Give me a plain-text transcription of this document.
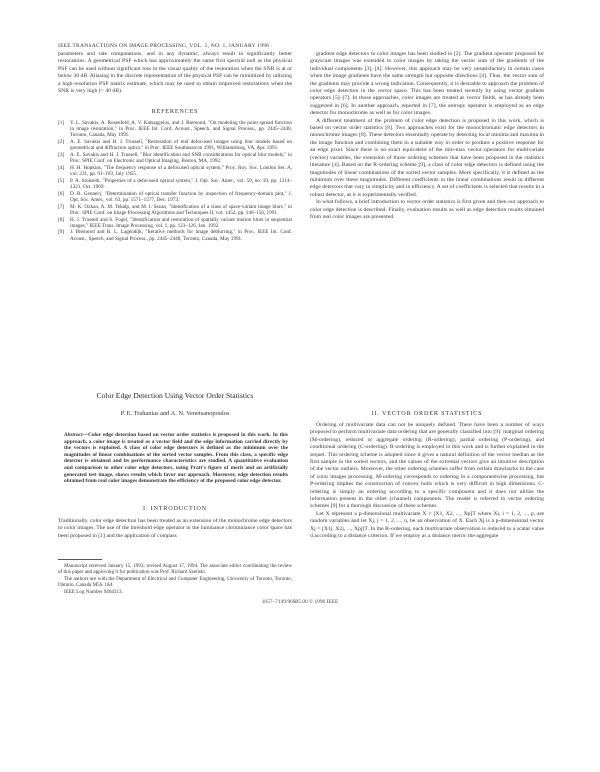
IEEE TRANSACTIONS ON IMAGE PROCESSING, VOL. 5, NO. 1, JANUARY 1996

parameters and rate computations, and in any dynamic, always result in significantly better restorations. A geometrical PSF which has approximately the same first spectral null as the physical PSF can be used without significant loss in the visual quality of the restoration when the SNR is at or below 30 dB. Aliasing in the discrete representation of the physical PSF can be minimized by utilizing a high-resolution PSF matrix estimate, which may be used to obtain improved restorations when the SNR is very high (> 40 dB).

REFERENCES
[1]	Y. L. Savakis, A. Rosenfeld, A. V. Katsaggelos, and J. Biemond, "On modeling the point spread function in image restoration," in Proc. IEEE Int. Conf. Acoust., Speech, and Signal Process., pp. 2445–2448, Toronto, Canada, May 1991.
[2]	A. E. Savakis and H. J. Trussell, "Restoration of real defocused images using blur models based on geometrical and diffraction optics," in Proc. IEEE Southeastcon 1991, Williamsburg, VA, Apr. 1991.
[3]	A. E. Savakis and H. J. Trussell, "Blur identification and SNR considerations for optical blur models," in Proc. SPIE Conf. on Electronic and Optical Imaging, Boston, MA, 1992.
[4]	H. H. Hopkins, "The frequency response of a defocused optical system," Proc. Roy. Soc. London Ser. A, vol. 231, pp. 91–103, July 1955.
[5]	P. A. Stokseth, "Properties of a defocused optical system," J. Opt. Soc. Amer., vol. 59, no. 10, pp. 1314–1321, Oct. 1969.
[6]	D. B. Gennery, "Determination of optical transfer function by inspection of frequency-domain plot," J. Opt. Soc. Amer., vol. 63, pp. 1571–1577, Dec. 1973.
[7]	M. K. Ozkan, A. M. Tekalp, and M. I. Sezan, "Identification of a class of space-variant image blurs," in Proc. SPIE Conf. on Image Processing Algorithms and Techniques II, vol. 1452, pp. 146–156, 1991.
[8]	H. J. Trussell and S. Fogel, "Identification and restoration of spatially variant motion blurs in sequential images," IEEE Trans. Image Processing, vol. 1, pp. 123–126, Jan. 1992.
[9]	J. Biemond and R. L. Lagendijk, "Iterative methods for image deblurring," in Proc. IEEE Int. Conf. Acoust., Speech, and Signal Process., pp. 2445–2448, Toronto, Canada, May 1991.
Color Edge Detection Using Vector Order Statistics
P. E. Trahanias and A. N. Venetsanopoulos
Abstract—Color edge detection based on vector order statistics is proposed in this work. In this approach, a color image is treated as a vector field and the edge information carried directly by the vectors is exploited. A class of color edge detectors is defined as the minimum over the magnitudes of linear combinations of the sorted vector samples. From this class, a specific edge detector is obtained and its performance characteristics are studied. A quantitative evaluation and comparison to other color edge detectors, using Pratt's figure of merit and an artificially generated test image, shows results which favor our approach. Moreover, edge detection results obtained from real color images demonstrate the efficiency of the proposed color edge detector.
I. INTRODUCTION

Traditionally, color edge detection has been treated as an extension of the monochrome edge detectors to color images. The use of the threshold edge operator in the luminance chrominance color space has been proposed in [1] and the application of compass

Manuscript received January 15, 1993; revised August 17, 1994. The associate editor coordinating the review of this paper and approving it for publication was Prof. Richard Szeliski.

The authors are with the Department of Electrical and Computer Engineering, University of Toronto, Toronto, Ontario, Canada M5S 1A4.

IEEE Log Number 9404313.

gradient edge detectors to color images has been studied in [2]. The gradient operator proposed for grayscale images was extended to color images by taking the vector sum of the gradients of the individual components [3], [4]. However, this approach may be very unsatisfactory in certain cases when the image gradients have the same strength but opposite directions [4]. Thus, the vector sum of the gradients may provide a wrong indication. Consequently, it is desirable to approach the problem of color edge detection in the vector space. This has been treated recently by using vector gradient operators [5]–[7]. In those approaches, color images are treated as vector fields, as has already been suggested in [6]. In another approach, reported in [7], the entropy operator is employed as an edge detector for monochrome as well as for color images.

A different treatment of the problem of color edge detection is proposed in this work, which is based on vector order statistics [8]. Two approaches exist for the monochromatic edge detectors in monochrome images [8]. These detectors essentially operate by detecting local minima and maxima in the image function and combining them in a suitable way in order to produce a positive response for an edge pixel. Since there is no exact equivalent of the min-max vector operators for multivariate (vector) variables, the extension of those ordering schemes that have been proposed in the statistics literature [4]. Based on the R-ordering scheme [9], a class of color edge detectors is defined using the magnitudes of linear combinations of the sorted vector samples. More specifically, it is defined as the minimum over these magnitudes. Different coefficients in the linear combinations result in different edge detectors that vary in simplicity and in efficiency. A set of coefficients is selected that results in a robust detector, as it is experimentally verified.

In what follows, a brief introduction to vector order statistics is first given and then our approach to color edge detection is described. Finally, evaluation results as well as edge detection results obtained from real color images are presented.

II. VECTOR ORDER STATISTICS

Ordering of multivariate data can not be uniquely defined. There have been a number of ways proposed to perform multivariate data ordering that are generally classified into [9]: marginal ordering (M-ordering), reduced or aggregate ordering (R-ordering), partial ordering (P-ordering), and conditional ordering (C-ordering). R-ordering is employed in this work and is further explained in the sequel. This ordering scheme is adopted since it gives a natural definition of the vector median as the first sample in the sorted vectors, and the values of the extremal vectors give an intuitive description of the vector outliers. Moreover, the other ordering schemes suffer from certain drawbacks in the case of color images processing. M-ordering corresponds to ordering in a componentwise processing, but P-ordering implies the construction of convex hulls which is very difficult in high dimensions. C-ordering is simply an ordering according to a specific component and it does not utilize the information present in the other (channel) components. The reader is referred to vector ordering schemes [9] for a thorough discussion of these schemes.

Let X represent a p-dimensional multivariate X = [X1, X2, ..., Xp]T where Xi, i = 1, 2, ..., p, are random variables and let Xj, j = 1, 2, ..., n, be an observation of X. Each Xj is a p-dimensional vector Xj = [X1j, X2j, ..., Xpj]T. In the R-ordering, each multivariate observation is reduced to a scalar value d according to a distance criterion. If we employ as a distance metric the aggregate

1057–7149/96$05.00 © 1996 IEEE
